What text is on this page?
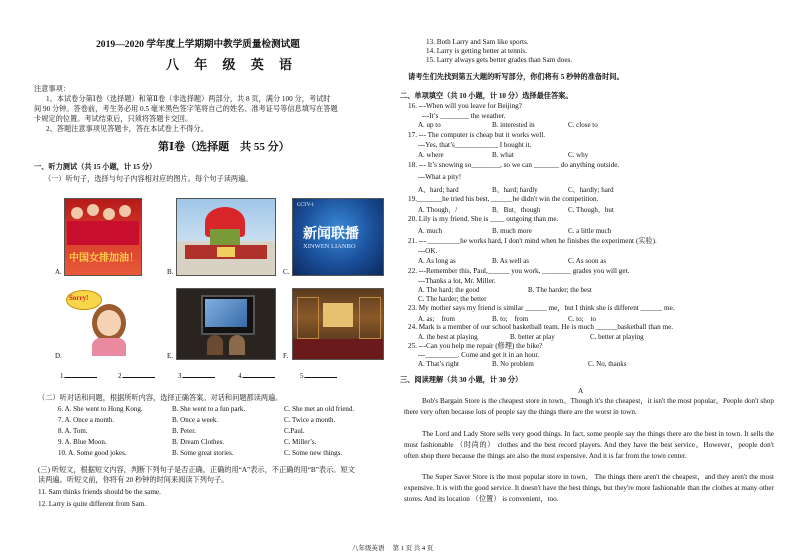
2019—2020 学年度上学期期中教学质量检测试题
八 年 级 英 语
注意事项：
1、本试卷分第Ⅰ卷（选择题）和第Ⅱ卷（非选择题）两部分，共 8 页，满分 100 分，考试时
间 90 分钟。答卷前，考生务必用 0.5 毫米黑色签字笔将自己的姓名、准考证号等信息填写在答题
卡规定的位置。考试结束后，只须将答题卡交回。
2、答题注意事项见答题卡，答在本试卷上不得分。
第Ⅰ卷（选择题　共 55 分）
一、听力测试（共 15 小题，计 15 分）
（一）听句子，选择与句子内容相对应的图片。每个句子读两遍。
中国女排加油！
A.	B.
CCTV-1
新闻联播
XINWEN LIANBO
C.
Sorry!
D.	E.	F.
1.	2.	3.	4.	5.
（二）听对话和问题，根据所听内容，选择正确答案。对话和问题都读两遍。
6. A. She went to Hong Kong.	B. She went to a fun park.	C. She met an old friend.
7. A. Once a month.	B. Once a week.	C. Twice a month.
8. A. Tom.	B. Peter.	C.Paul.
9. A. Blue Moon.	B. Dream Clothes.	C. Miller’s.
10. A. Some good jokes.	B. Some great stories.	C. Some new things.
(三) 听短文，根据短文内容，判断下列句子是否正确，正确的用“A”表示，不正确的用“B”表示。短文
读两遍。听短文前，你将有 20 秒钟的时间来阅读下列句子。
11. Sam thinks friends should be the same.
12. Larry is quite different from Sam.
13. Both Larry and Sam like sports.
14. Larry is getting better at tennis.
15. Larry always gets better grades than Sam does.
请考生们先找到第五大题的听写部分，你们将有 5 秒钟的准备时间。
二、单项填空（共 10 小题，计 10 分）选择最佳答案。
16. ---When will you leave for Beijing?
---It’s ________ the weather.
A. up to	B. interested in	C. close to
17. --- The computer is cheap but it works well.
---Yes, that’s____________ I bought it.
A. where	B. what	C. why
18. --- It’s snowing so________, so we can _______ do anything outside.
---What a pity!
A、hard; hard	B、hard; hardly	C、hardly; hard
19._______he tried his best, ______he didn't win the competition.
A. Though，/	B．But，though	C. Though，but
20. Lily is my friend. She is ____ outgoing than me.
A. much	B. much more	C. a little much
21. --- _________he works hard, I don't mind when he finishes the experiment (实验).
---OK.
A. As long as	B. As well as	C. As soon as
22. ---Remember this, Paul,______ you work, ________ grades you will get.
---Thanks a lot, Mr. Miller.
A. The hard; the good	B. The harder; the best
C. The harder; the better
23. My mother says my friend is similar ______ me，but I think she is different ______ me.
A. as;　from	B. to;　from	C. to;　to
24. Mark is a member of our school basketball team. He is much ______basketball than me.
A. the best at playing	B. better at play	C. better at playing
25. ---Can you help me repair (修理) the bike?
---_________. Come and get it in an hour.
A. That’s right	B. No problem	C. No, thanks
三、阅读理解（共 30 小题，计 30 分）
A
Bob's Bargain Store is the cheapest store in town。Though it's the cheapest，it isn't the most popular。People don't shop there very often because lots of people say the things there are the worst in town.
The Lord and Lady Store sells very good things. In fact, some people say the things there are the best in town. It sells the most fashionable （时尚的） clothes and the best record players. And they have the best service。However，people don't often shop there because the things are also the most expensive. And it is far from the town center.
The Super Saver Store is the most popular store in town． The things there aren't the cheapest，and they aren't the most expensive. It is with the good service. It doesn't have the best things, but they're more fashionable than the clothes at many other stores. And its location （位置） is convenient，too.
八年级英语　 第 1 页 共 4 页
